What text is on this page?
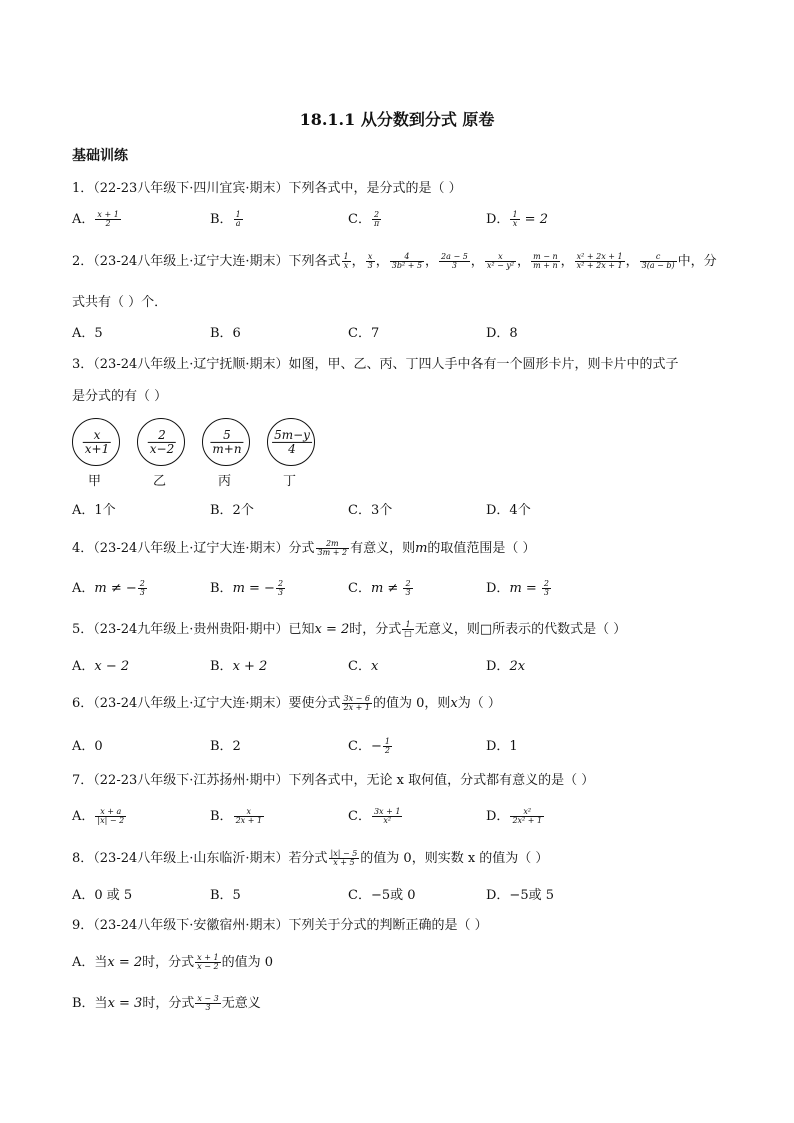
18.1.1 从分数到分式 原卷
基础训练
1．（22-23八年级下·四川宜宾·期末）下列各式中，是分式的是（ ）
A． $\frac{x + 1}{2}$	B． $\frac{1}{a}$	C． $\frac{2}{\pi}$	D． $\frac{1}{x} = 2$
2．（23-24八年级上·辽宁大连·期末）下列各式 $\frac{1}{x}$ ， $\frac{x}{3}$ ， $\frac{4}{\text{3b² + 5}}$ ， $\frac{2a - 5}{3}$ ， $\frac{x}{\text{x² − y²}}$ ， $\frac{m - n}{m + n}$ ， $\frac{\text{x² + 2x + 1}}{\text{x² + 2x + 1}}$ ， $\frac{c}{3(a - b)}$ 中，分
式共有（ ）个．
A．5	B．6	C．7	D．8
3．（23-24八年级上·辽宁抚顺·期末）如图，甲、乙、丙、丁四人手中各有一个圆形卡片，则卡片中的式子
是分式的有（ ）
$\frac{x}{x+1}$	$\frac{2}{x-2}$	$\frac{5}{m+n} \frac{5m-y}{4}$
甲	乙	丙	丁
A．1个	B．2个	C．3个	D．4个
4．（23-24八年级上·辽宁大连·期末）分式 $\frac{2m}{3m + 2}$ 有意义，则m的取值范围是（ ）
A．m ≠ − $\frac{2}{3}$	B．m = − $\frac{2}{3}$	C．$m \ne \frac{2}{3}$	D．$m = \frac{2}{3}$
5．（23-24九年级上·贵州贵阳·期中）已知x = 2时，分式 $\frac{1}{□}$ 无意义，则□所表示的代数式是（ ）
A．x − 2	B．x + 2	C．x	D．2x
6．（23-24八年级上·辽宁大连·期末）要使分式 $\frac{3x - 6}{2x + 1}$ 的值为 0，则x为（ ）
A．0	B．2	C．− $\frac{1}{2}$	D．1
7．（22-23八年级下·江苏扬州·期中）下列各式中，无论 x 取何值，分式都有意义的是（ ）
A． $\frac{x + a}{|x| - 2}$	B． $\frac{x}{2x + 1}$	C． $\frac{3x + 1}{\text{x²}}$	D． $\frac{\text{x²}}{\text{2x² + 1}}$
8．（23-24八年级上·山东临沂·期末）若分式 $\frac{|x| - 5}{x + 5}$ 的值为 0，则实数 x 的值为（ ）
A．0 或 5	B．5	C．−5或 0	D．−5或 5
9．（23-24八年级下·安徽宿州·期末）下列关于分式的判断正确的是（ ）
A．当x = 2时，分式 $\frac{x + 1}{x - 2}$ 的值为 0
B．当x = 3时，分式 $\frac{x - 3}{3}$ 无意义
